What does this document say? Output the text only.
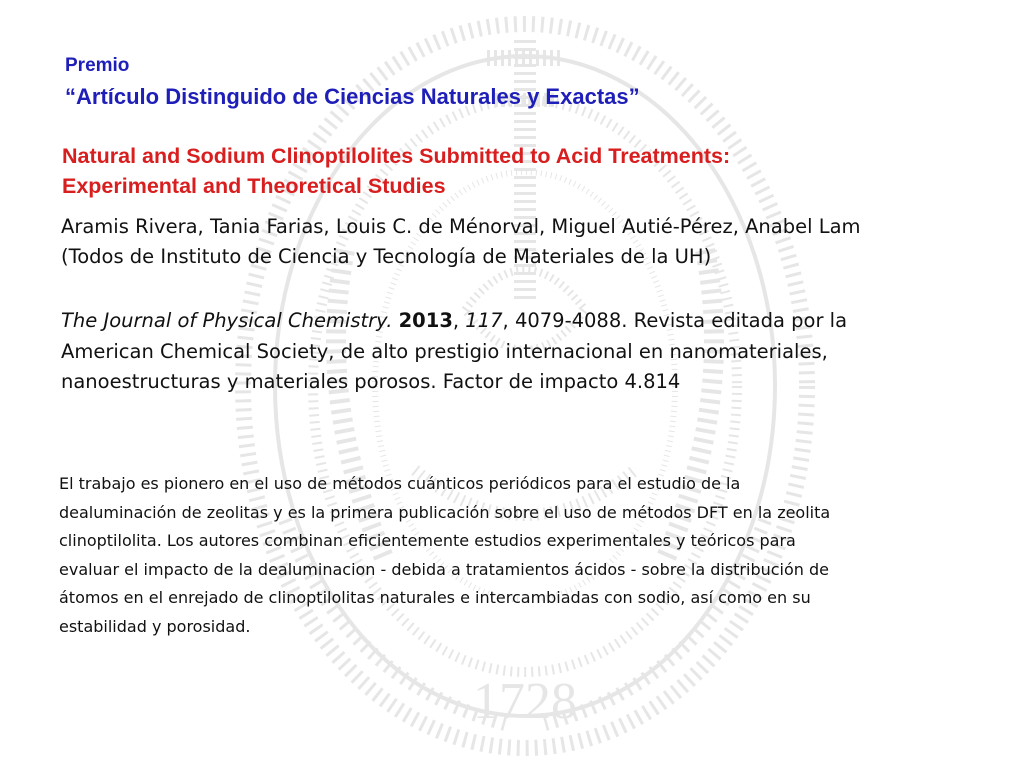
1728
Premio
“Artículo Distinguido de Ciencias Naturales y Exactas”
Natural and Sodium Clinoptilolites Submitted to Acid Treatments:
Experimental and Theoretical Studies
Aramis Rivera, Tania Farias, Louis C. de Ménorval, Miguel Autié-Pérez, Anabel Lam
(Todos de Instituto de Ciencia y Tecnología de Materiales de la UH)
The Journal of Physical Chemistry. 2013, 117, 4079-4088. Revista editada por la
American Chemical Society, de alto prestigio internacional en nanomateriales,
nanoestructuras y materiales porosos. Factor de impacto 4.814
El trabajo es pionero en el uso de métodos cuánticos periódicos para el estudio de la
dealuminación de zeolitas y es la primera publicación sobre el uso de métodos DFT en la zeolita
clinoptilolita. Los autores combinan eficientemente estudios experimentales y teóricos para
evaluar el impacto de la dealuminacion - debida a tratamientos ácidos - sobre la distribución de
átomos en el enrejado de clinoptilolitas naturales e intercambiadas con sodio, así como en su
estabilidad y porosidad.
